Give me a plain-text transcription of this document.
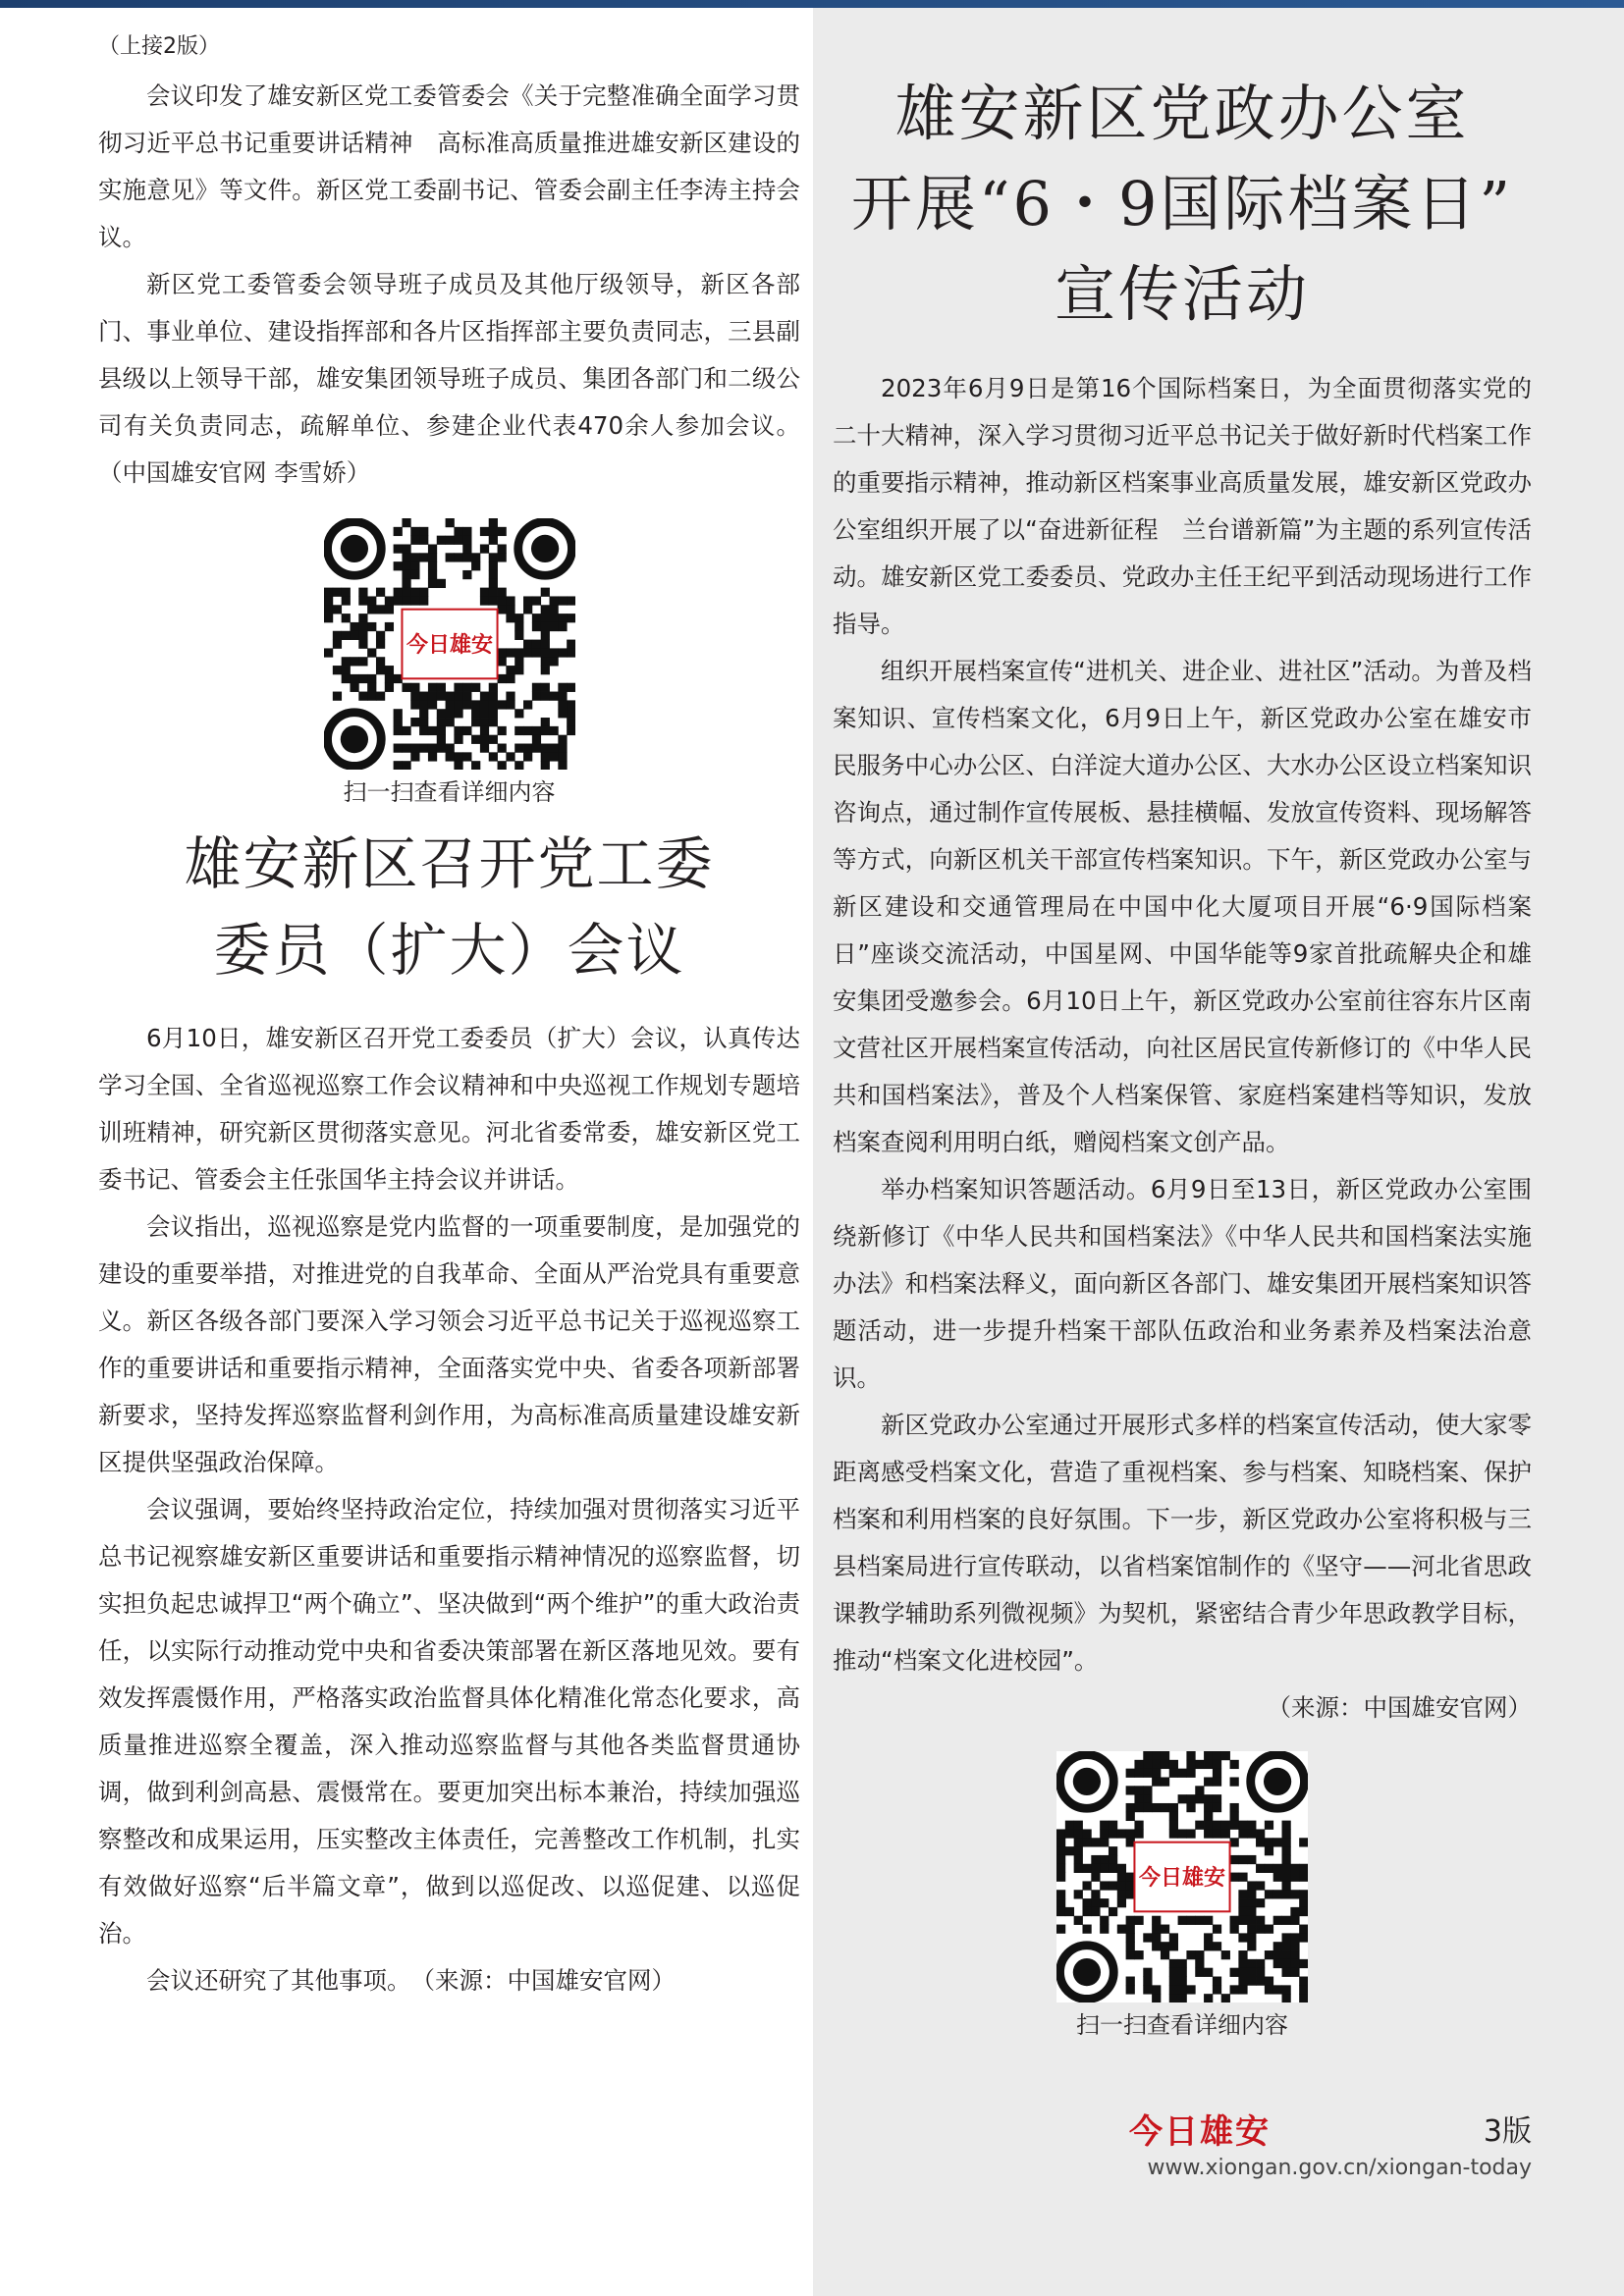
（上接2版）

会议印发了雄安新区党工委管委会《关于完整准确全面学习贯彻习近平总书记重要讲话精神　高标准高质量推进雄安新区建设的实施意见》等文件。新区党工委副书记、管委会副主任李涛主持会议。

新区党工委管委会领导班子成员及其他厅级领导，新区各部门、事业单位、建设指挥部和各片区指挥部主要负责同志，三县副县级以上领导干部，雄安集团领导班子成员、集团各部门和二级公司有关负责同志，疏解单位、参建企业代表470余人参加会议。（中国雄安官网 李雪娇）

今日雄安
扫一扫查看详细内容
雄安新区召开党工委
委员（扩大）会议

6月10日，雄安新区召开党工委委员（扩大）会议，认真传达学习全国、全省巡视巡察工作会议精神和中央巡视工作规划专题培训班精神，研究新区贯彻落实意见。河北省委常委，雄安新区党工委书记、管委会主任张国华主持会议并讲话。

会议指出，巡视巡察是党内监督的一项重要制度，是加强党的建设的重要举措，对推进党的自我革命、全面从严治党具有重要意义。新区各级各部门要深入学习领会习近平总书记关于巡视巡察工作的重要讲话和重要指示精神，全面落实党中央、省委各项新部署新要求，坚持发挥巡察监督利剑作用，为高标准高质量建设雄安新区提供坚强政治保障。

会议强调，要始终坚持政治定位，持续加强对贯彻落实习近平总书记视察雄安新区重要讲话和重要指示精神情况的巡察监督，切实担负起忠诚捍卫“两个确立”、坚决做到“两个维护”的重大政治责任，以实际行动推动党中央和省委决策部署在新区落地见效。要有效发挥震慑作用，严格落实政治监督具体化精准化常态化要求，高质量推进巡察全覆盖，深入推动巡察监督与其他各类监督贯通协调，做到利剑高悬、震慑常在。要更加突出标本兼治，持续加强巡察整改和成果运用，压实整改主体责任，完善整改工作机制，扎实有效做好巡察“后半篇文章”，做到以巡促改、以巡促建、以巡促治。

会议还研究了其他事项。　（来源：中国雄安官网）

雄安新区党政办公室
开展“6・9国际档案日”
宣传活动

2023年6月9日是第16个国际档案日，为全面贯彻落实党的二十大精神，深入学习贯彻习近平总书记关于做好新时代档案工作的重要指示精神，推动新区档案事业高质量发展，雄安新区党政办公室组织开展了以“奋进新征程　兰台谱新篇”为主题的系列宣传活动。雄安新区党工委委员、党政办主任王纪平到活动现场进行工作指导。

组织开展档案宣传“进机关、进企业、进社区”活动。为普及档案知识、宣传档案文化，6月9日上午，新区党政办公室在雄安市民服务中心办公区、白洋淀大道办公区、大水办公区设立档案知识咨询点，通过制作宣传展板、悬挂横幅、发放宣传资料、现场解答等方式，向新区机关干部宣传档案知识。下午，新区党政办公室与新区建设和交通管理局在中国中化大厦项目开展“6·9国际档案日”座谈交流活动，中国星网、中国华能等9家首批疏解央企和雄安集团受邀参会。6月10日上午，新区党政办公室前往容东片区南文营社区开展档案宣传活动，向社区居民宣传新修订的《中华人民共和国档案法》，普及个人档案保管、家庭档案建档等知识，发放档案查阅利用明白纸，赠阅档案文创产品。

举办档案知识答题活动。6月9日至13日，新区党政办公室围绕新修订《中华人民共和国档案法》《中华人民共和国档案法实施办法》和档案法释义，面向新区各部门、雄安集团开展档案知识答题活动，进一步提升档案干部队伍政治和业务素养及档案法治意识。

新区党政办公室通过开展形式多样的档案宣传活动，使大家零距离感受档案文化，营造了重视档案、参与档案、知晓档案、保护档案和利用档案的良好氛围。下一步，新区党政办公室将积极与三县档案局进行宣传联动，以省档案馆制作的《坚守——河北省思政课教学辅助系列微视频》为契机，紧密结合青少年思政教学目标，推动“档案文化进校园”。

（来源：中国雄安官网）

今日雄安
扫一扫查看详细内容
今日雄安	3版
www.xiongan.gov.cn/xiongan-today
